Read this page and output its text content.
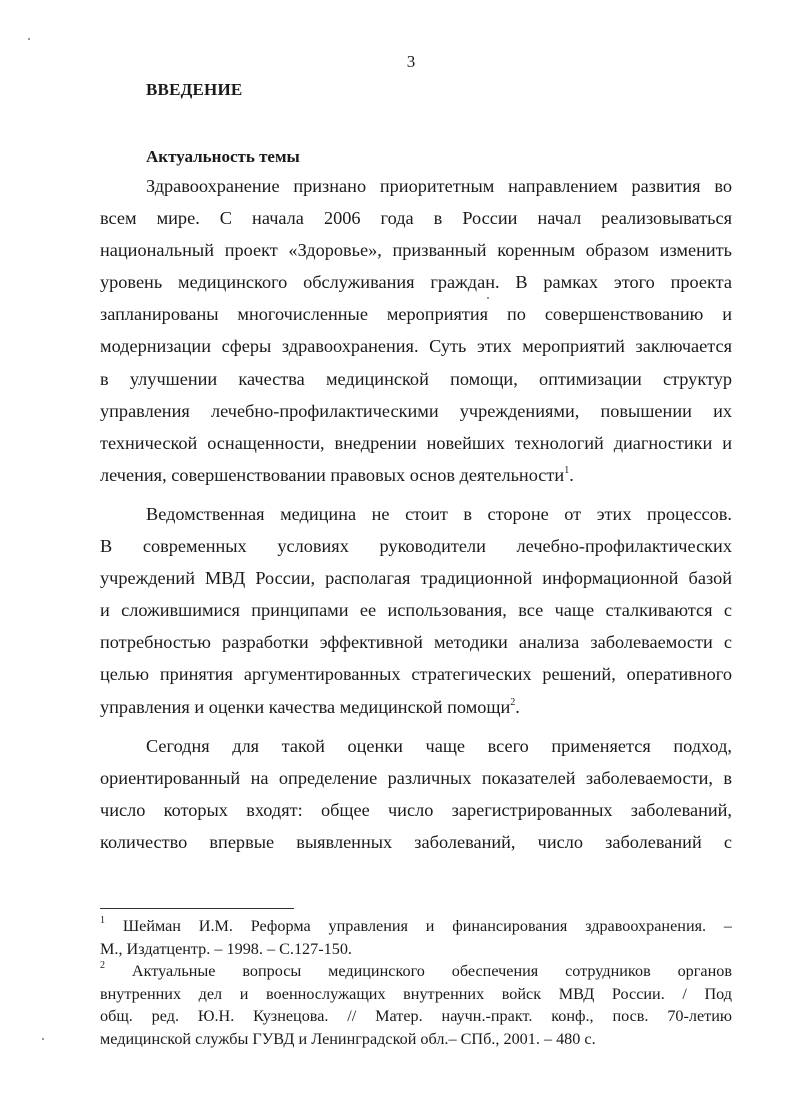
3
ВВЕДЕНИЕ
Актуальность темы
Здравоохранение признано приоритетным направлением развития во
всем мире. С начала 2006 года в России начал реализовываться
национальный проект «Здоровье», призванный коренным образом изменить
уровень медицинского обслуживания граждан. В рамках этого проекта
запланированы многочисленные мероприятия по совершенствованию и
модернизации сферы здравоохранения. Суть этих мероприятий заключается
в улучшении качества медицинской помощи, оптимизации структур
управления лечебно-профилактическими учреждениями, повышении их
технической оснащенности, внедрении новейших технологий диагностики и
лечения, совершенствовании правовых основ деятельности$^1$.
Ведомственная медицина не стоит в стороне от этих процессов.
В современных условиях руководители лечебно-профилактических
учреждений МВД России, располагая традиционной информационной базой
и сложившимися принципами ее использования, все чаще сталкиваются с
потребностью разработки эффективной методики анализа заболеваемости с
целью принятия аргументированных стратегических решений, оперативного
управления и оценки качества медицинской помощи$^2$.
Сегодня для такой оценки чаще всего применяется подход,
ориентированный на определение различных показателей заболеваемости, в
число которых входят: общее число зарегистрированных заболеваний,
количество впервые выявленных заболеваний, число заболеваний с
$^1$ Шейман И.М. Реформа управления и финансирования здравоохранения. –
М., Издатцентр. – 1998. – С.127-150.
$^2$ Актуальные вопросы медицинского обеспечения сотрудников органов
внутренних дел и военнослужащих внутренних войск МВД России. / Под
общ. ред. Ю.Н. Кузнецова. // Матер. научн.-практ. конф., посв. 70-летию
медицинской службы ГУВД и Ленинградской обл.– СПб., 2001. – 480 с.
